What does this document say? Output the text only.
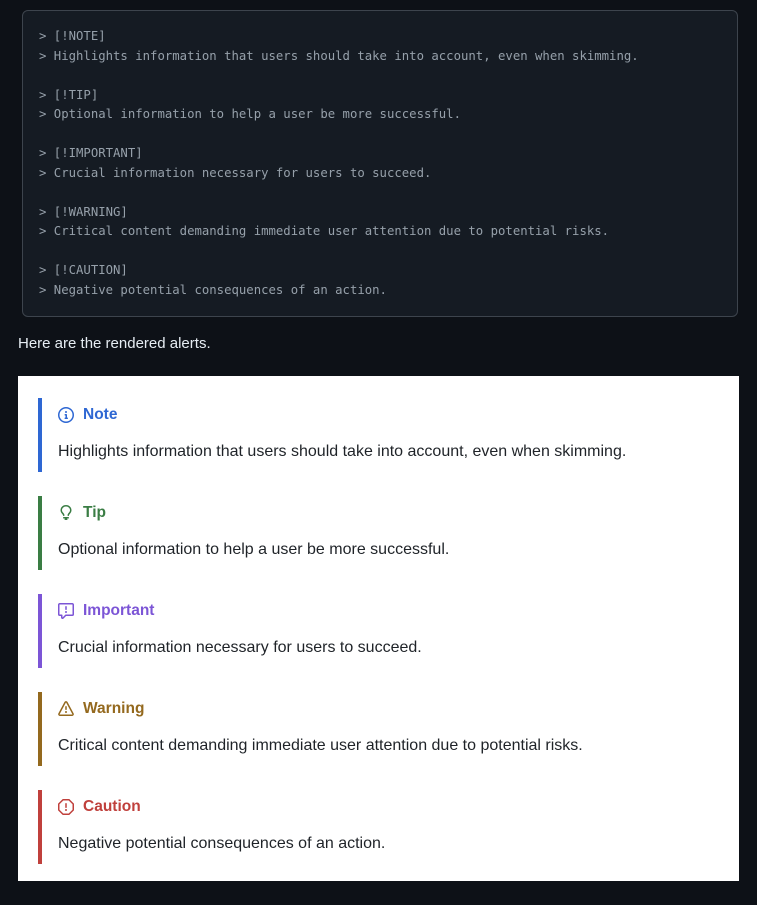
> [!NOTE]
> Highlights information that users should take into account, even when skimming.
> [!TIP]
> Optional information to help a user be more successful.
> [!IMPORTANT]
> Crucial information necessary for users to succeed.
> [!WARNING]
> Critical content demanding immediate user attention due to potential risks.
> [!CAUTION]
> Negative potential consequences of an action.

Here are the rendered alerts.

Note

Highlights information that users should take into account, even when skimming.

Tip

Optional information to help a user be more successful.

Important

Crucial information necessary for users to succeed.

Warning

Critical content demanding immediate user attention due to potential risks.

Caution

Negative potential consequences of an action.
